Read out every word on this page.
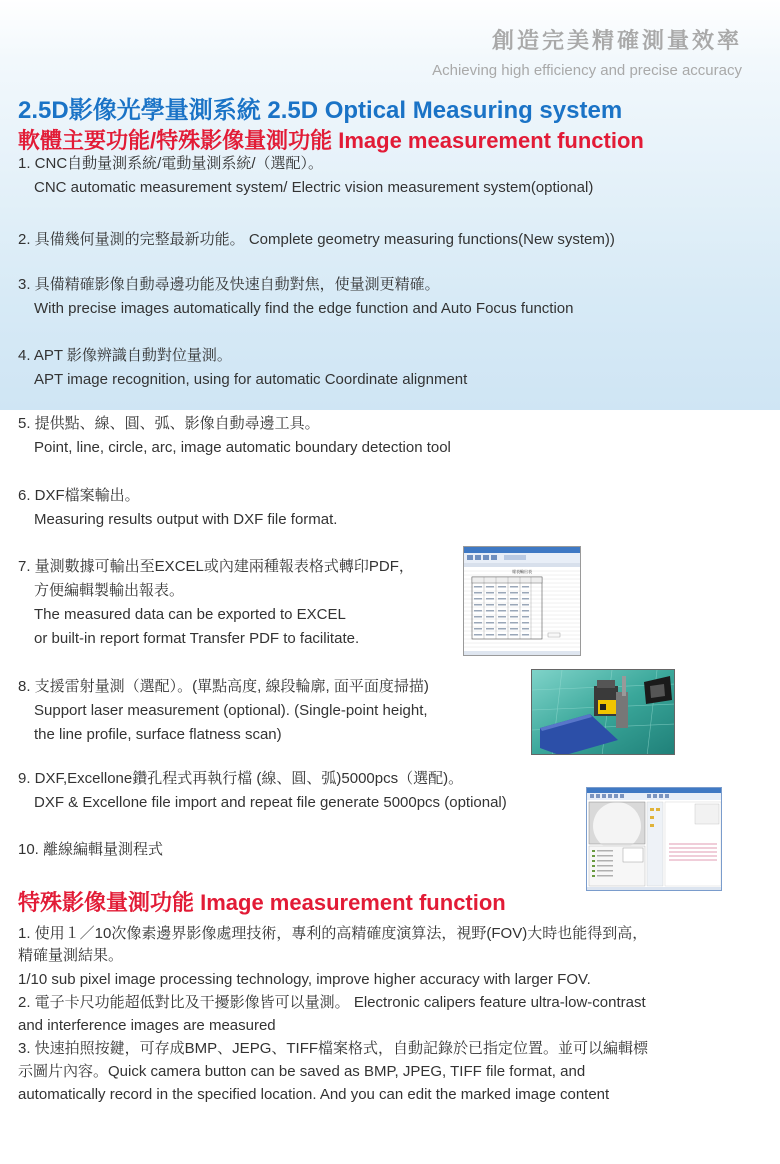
創造完美精確測量效率
Achieving high efficiency and precise accuracy
2.5D影像光學量測系統 2.5D Optical Measuring system
軟體主要功能/特殊影像量測功能 Image measurement function
1. CNC自動量測系統/電動量測系統/（選配）。
CNC automatic measurement system/ Electric vision measurement system(optional)
2. 具備幾何量測的完整最新功能。 Complete geometry measuring functions(New system))
3. 具備精確影像自動尋邊功能及快速自動對焦，使量測更精確。
With precise images automatically find the edge function and Auto Focus function
4. APT 影像辨識自動對位量測。
APT image recognition, using for automatic Coordinate alignment
5. 提供點、線、圓、弧、影像自動尋邊工具。
Point, line, circle, arc, image automatic boundary detection tool
6. DXF檔案輸出。
Measuring results output with DXF file format.
7. 量測數據可輸出至EXCEL或內建兩種報表格式轉印PDF，
方便編輯製輸出報表。
The measured data can be exported to EXCEL
or built-in report format Transfer PDF to facilitate.
8. 支援雷射量測（選配）。(單點高度, 線段輪廓, 面平面度掃描)
Support laser measurement (optional). (Single-point height,
the line profile, surface flatness scan)
9. DXF,Excellone鑽孔程式再執行檔 (線、圓、弧)5000pcs（選配)。
DXF & Excellone file import and repeat file generate 5000pcs (optional)
10. 離線編輯量測程式
報表輸出表
特殊影像量測功能 Image measurement function
1. 使用１／10次像素邊界影像處理技術，專利的高精確度演算法，視野(FOV)大時也能得到高，
精確量測結果。
1/10 sub pixel image processing technology, improve higher accuracy with larger FOV.
2. 電子卡尺功能超低對比及干擾影像皆可以量測。 Electronic calipers feature ultra-low-contrast
and interference images are measured
3. 快速拍照按鍵，可存成BMP、JEPG、TIFF檔案格式，自動記錄於已指定位置。並可以編輯標
示圖片內容。Quick camera button can be saved as BMP, JPEG, TIFF file format, and
automatically record in the specified location. And you can edit the marked image content
